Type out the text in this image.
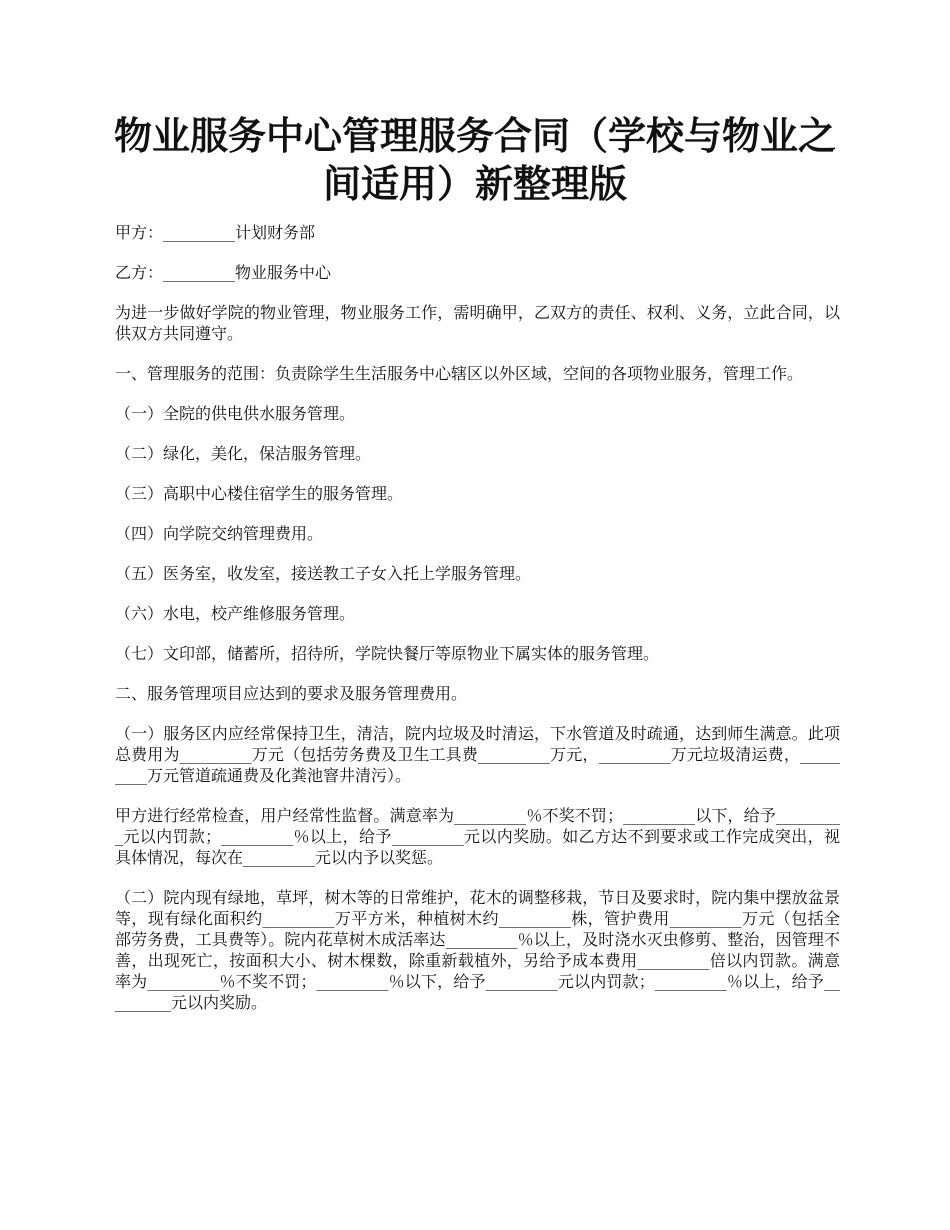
物业服务中心管理服务合同（学校与物业之间适用）新整理版

甲方：_________计划财务部

乙方：_________物业服务中心

为进一步做好学院的物业管理，物业服务工作，需明确甲，乙双方的责任、权利、义务，立此合同，以供双方共同遵守。

一、管理服务的范围：负责除学生生活服务中心辖区以外区域，空间的各项物业服务，管理工作。

（一）全院的供电供水服务管理。

（二）绿化，美化，保洁服务管理。

（三）高职中心楼住宿学生的服务管理。

（四）向学院交纳管理费用。

（五）医务室，收发室，接送教工子女入托上学服务管理。

（六）水电，校产维修服务管理。

（七）文印部，储蓄所，招待所，学院快餐厅等原物业下属实体的服务管理。

二、服务管理项目应达到的要求及服务管理费用。

（一）服务区内应经常保持卫生，清洁，院内垃圾及时清运，下水管道及时疏通，达到师生满意。此项总费用为_________万元（包括劳务费及卫生工具费_________万元，_________万元垃圾清运费，_________万元管道疏通费及化粪池窨井清污）。

甲方进行经常检查，用户经常性监督。满意率为_________％不奖不罚；_________以下，给予_________元以内罚款；_________％以上，给予_________元以内奖励。如乙方达不到要求或工作完成突出，视具体情况，每次在_________元以内予以奖惩。

（二）院内现有绿地，草坪，树木等的日常维护，花木的调整移栽，节日及要求时，院内集中摆放盆景等，现有绿化面积约_________万平方米，种植树木约_________株，管护费用_________万元（包括全部劳务费，工具费等）。院内花草树木成活率达_________％以上，及时浇水灭虫修剪、整治，因管理不善，出现死亡，按面积大小、树木棵数，除重新载植外，另给予成本费用_________倍以内罚款。满意率为_________％不奖不罚；_________％以下，给予_________元以内罚款；_________％以上，给予_________元以内奖励。
